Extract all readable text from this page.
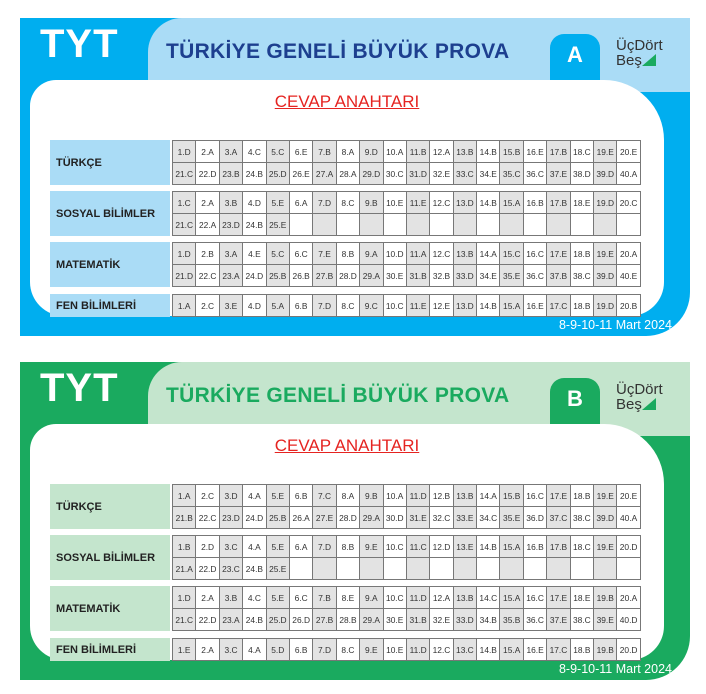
TYT TÜRKİYE GENELİ BÜYÜK PROVA	A	ÜçDört
Beş
CEVAP ANAHTARI
TÜRKÇE
1.D	2.A	3.A	4.C	5.C	6.E	7.B	8.A	9.D 10.A 11.B 12.A 13.B 14.B 15.B 16.E 17.B 18.C 19.E 20.E
21.C 22.D 23.B 24.B 25.D 26.E 27.A 28.A 29.D 30.C 31.D 32.E 33.C 34.E 35.C 36.C 37.E 38.D 39.D 40.A
SOSYAL BİLİMLER
1.C	2.A	3.B	4.D	5.E	6.A	7.D	8.C	9.B	10.E 11.E 12.C 13.D 14.B 15.A 16.B 17.B 18.E 19.D 20.C
21.C 22.A 23.D 24.B 25.E
MATEMATİK
1.D	2.B	3.A	4.E	5.C	6.C	7.E	8.B	9.A 10.D 11.A 12.C 13.B 14.A 15.C 16.C 17.E 18.B 19.E 20.A
21.D 22.C 23.A 24.D 25.B 26.B 27.B 28.D 29.A 30.E 31.B 32.B 33.D 34.E 35.E 36.C 37.B 38.C 39.D 40.E
FEN BİLİMLERİ	1.A	2.C	3.E	4.D	5.A	6.B	7.D	8.C	9.C 10.C 11.E 12.E 13.D 14.B 15.A 16.E 17.C 18.B 19.D 20.B
8-9-10-11 Mart 2024
TYT TÜRKİYE GENELİ BÜYÜK PROVA	B	ÜçDört
Beş
CEVAP ANAHTARI
TÜRKÇE
1.A	2.C	3.D	4.A	5.E	6.B	7.C	8.A	9.B	10.A 11.D 12.B 13.B 14.A 15.B 16.C 17.E 18.B 19.E 20.E
21.B 22.C 23.D 24.D 25.B 26.A 27.E 28.D 29.A 30.D 31.E 32.C 33.E 34.C 35.E 36.D 37.C 38.C 39.D 40.A
SOSYAL BİLİMLER
1.B	2.D	3.C	4.A	5.E	6.A	7.D	8.B	9.E 10.C 11.C 12.D 13.E 14.B 15.A 16.B 17.B 18.C 19.E 20.D
21.A 22.D 23.C 24.B 25.E
MATEMATİK
1.D	2.A	3.B	4.C	5.E	6.C	7.B	8.E	9.A 10.C 11.D 12.A 13.B 14.C 15.A 16.C 17.E 18.E 19.B 20.A
21.C 22.D 23.A 24.B 25.D 26.D 27.B 28.B 29.A 30.E 31.B 32.E 33.D 34.B 35.B 36.C 37.E 38.C 39.E 40.D
FEN BİLİMLERİ	1.E	2.A	3.C	4.A	5.D	6.B	7.D	8.C	9.E	10.E 11.D 12.C 13.C 14.B 15.A 16.E 17.C 18.B 19.B 20.D
8-9-10-11 Mart 2024
